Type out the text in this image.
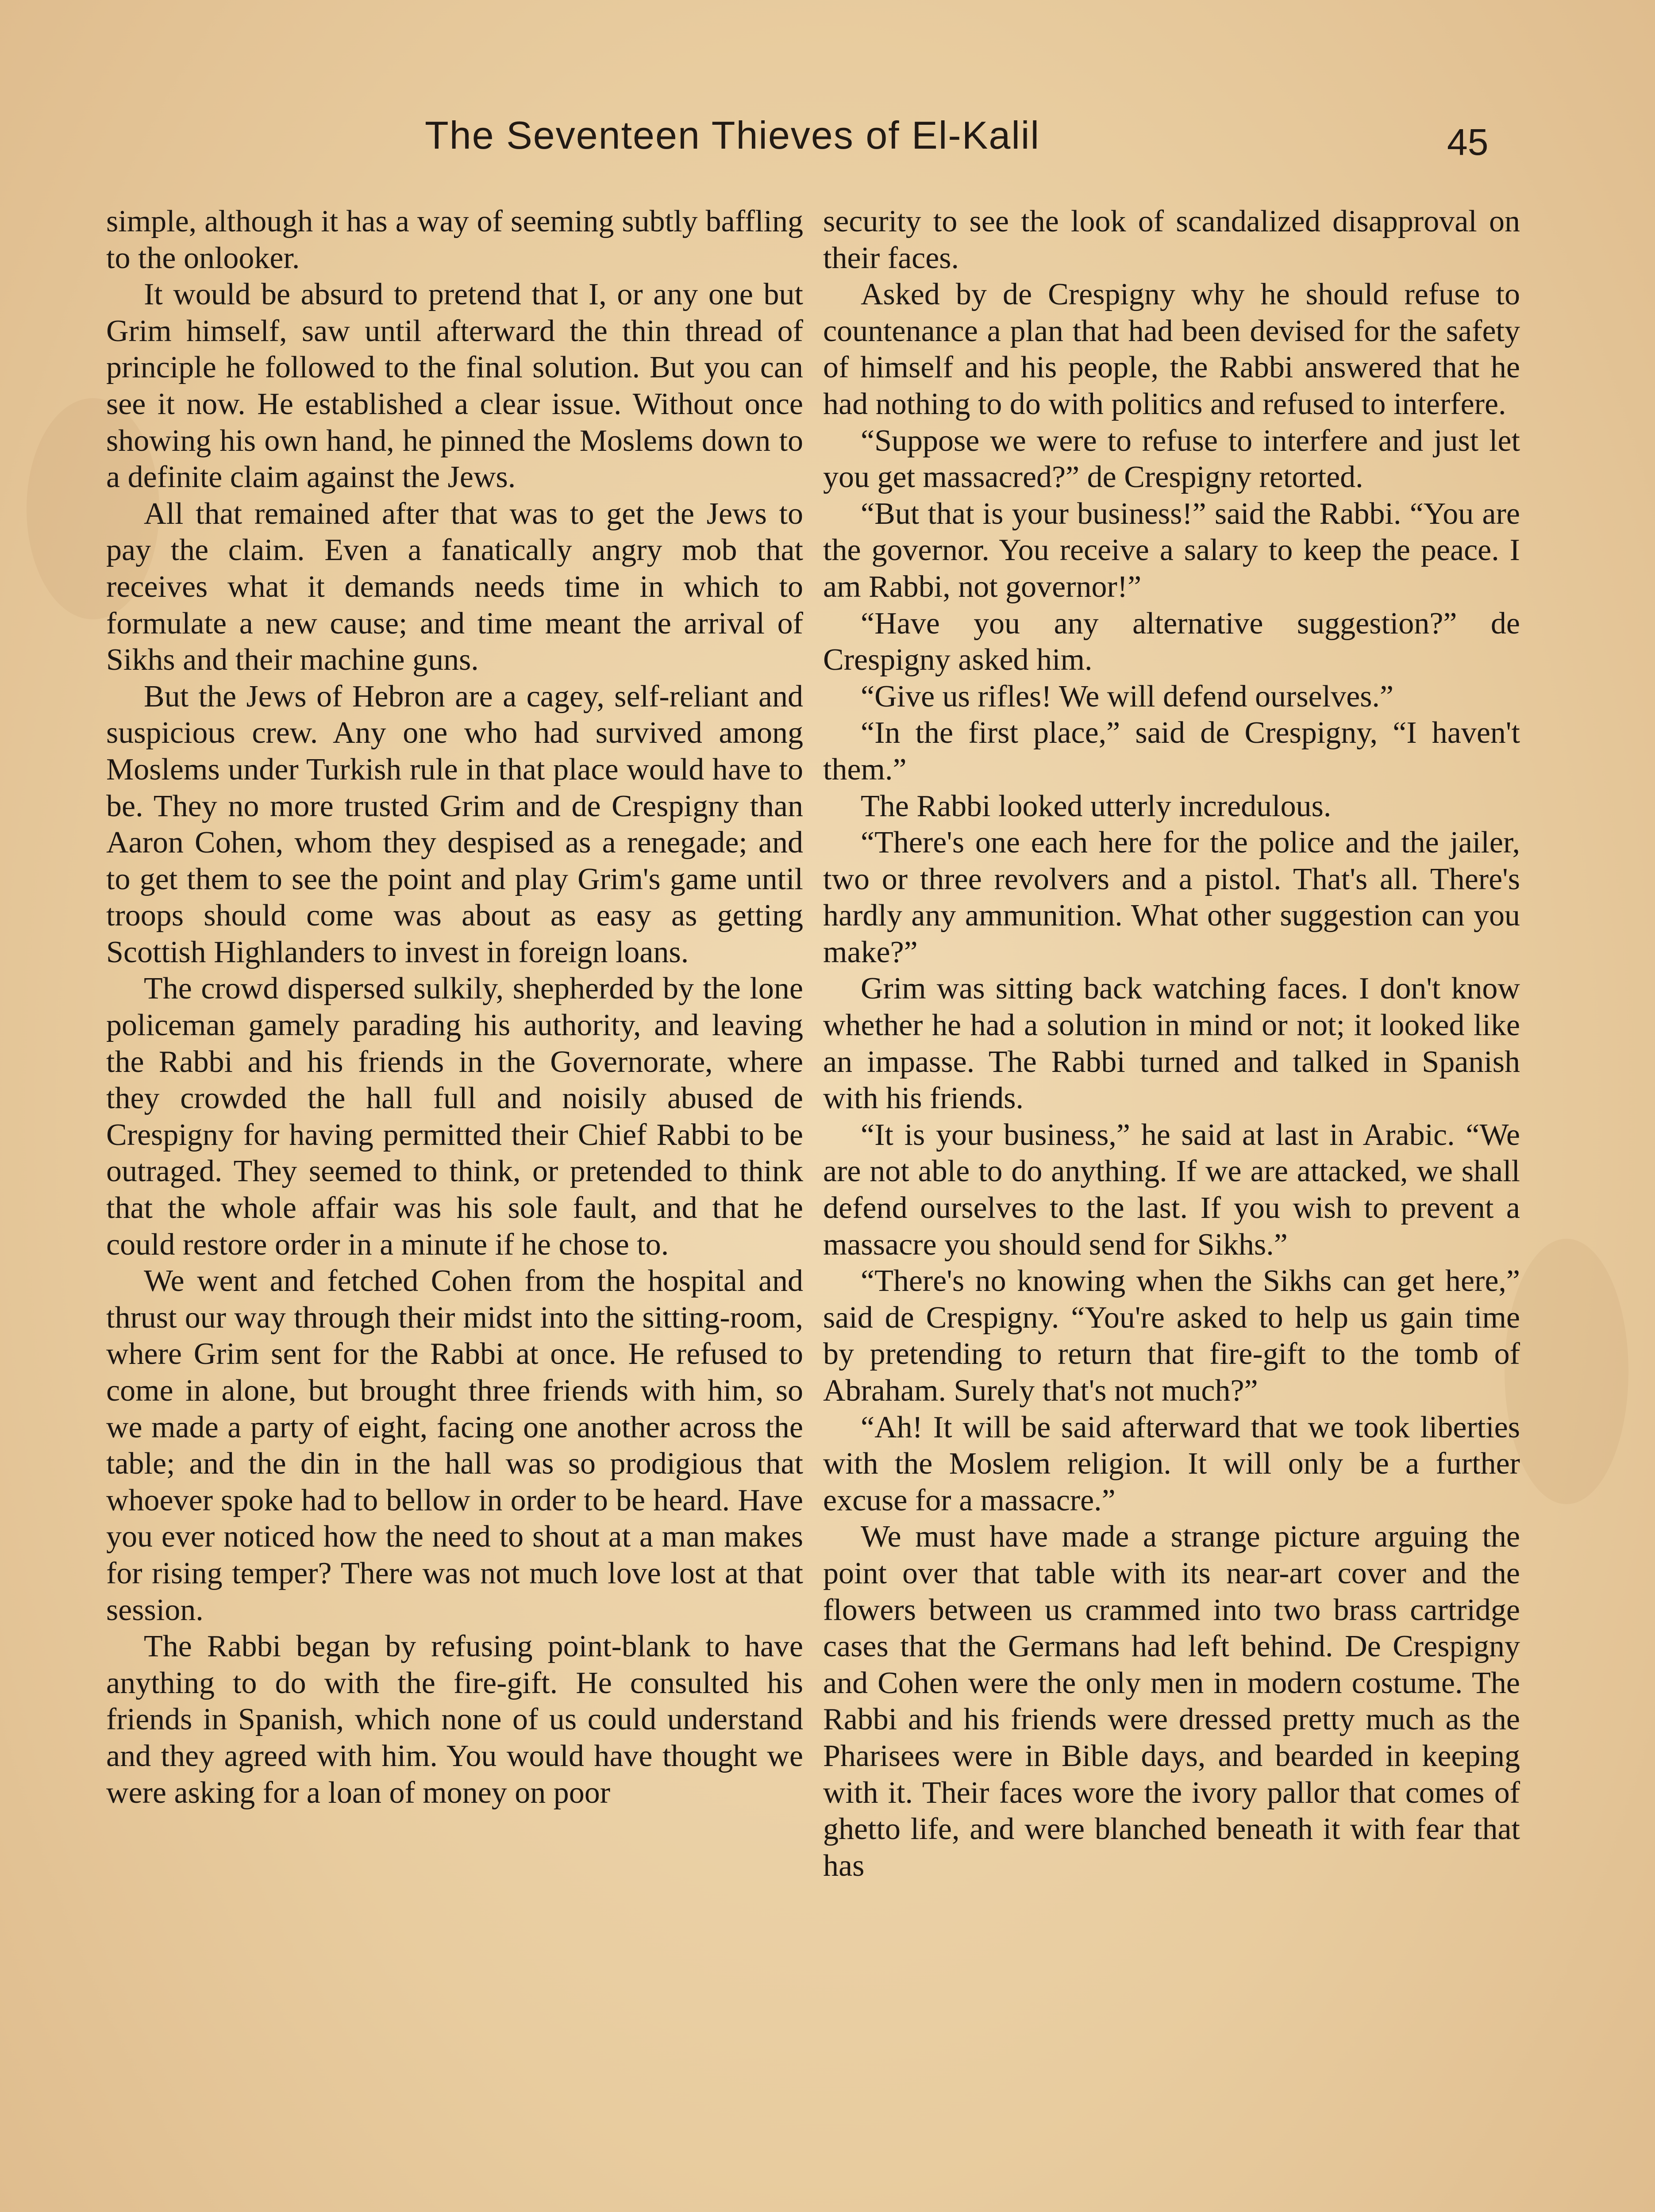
The Seventeen Thieves of El-Kalil	45

simple, although it has a way of seeming subtly baffling to the onlooker.

It would be absurd to pretend that I, or any one but Grim himself, saw until afterward the thin thread of principle he followed to the final solution. But you can see it now. He established a clear issue. Without once showing his own hand, he pinned the Moslems down to a definite claim against the Jews.

All that remained after that was to get the Jews to pay the claim. Even a fanatically angry mob that receives what it demands needs time in which to formulate a new cause; and time meant the arrival of Sikhs and their machine guns.

But the Jews of Hebron are a cagey, self-reliant and suspicious crew. Any one who had survived among Moslems under Turkish rule in that place would have to be. They no more trusted Grim and de Crespigny than Aaron Cohen, whom they despised as a renegade; and to get them to see the point and play Grim's game until troops should come was about as easy as getting Scottish Highlanders to invest in foreign loans.

The crowd dispersed sulkily, shepherded by the lone policeman gamely parading his authority, and leaving the Rabbi and his friends in the Governorate, where they crowded the hall full and noisily abused de Crespigny for having permitted their Chief Rabbi to be outraged. They seemed to think, or pretended to think that the whole affair was his sole fault, and that he could restore order in a minute if he chose to.

We went and fetched Cohen from the hospital and thrust our way through their midst into the sitting-room, where Grim sent for the Rabbi at once. He refused to come in alone, but brought three friends with him, so we made a party of eight, facing one another across the table; and the din in the hall was so prodigious that whoever spoke had to bellow in order to be heard. Have you ever noticed how the need to shout at a man makes for rising temper? There was not much love lost at that session.

The Rabbi began by refusing point-blank to have anything to do with the fire-gift. He consulted his friends in Spanish, which none of us could understand and they agreed with him. You would have thought we were asking for a loan of money on poor

security to see the look of scandalized disapproval on their faces.

Asked by de Crespigny why he should refuse to countenance a plan that had been devised for the safety of himself and his people, the Rabbi answered that he had nothing to do with politics and refused to interfere.

“Suppose we were to refuse to interfere and just let you get massacred?” de Crespigny retorted.

“But that is your business!” said the Rabbi. “You are the governor. You receive a salary to keep the peace. I am Rabbi, not governor!”

“Have you any alternative suggestion?” de Crespigny asked him.

“Give us rifles! We will defend ourselves.”

“In the first place,” said de Crespigny, “I haven't them.”

The Rabbi looked utterly incredulous.

“There's one each here for the police and the jailer, two or three revolvers and a pistol. That's all. There's hardly any ammunition. What other suggestion can you make?”

Grim was sitting back watching faces. I don't know whether he had a solution in mind or not; it looked like an impasse. The Rabbi turned and talked in Spanish with his friends.

“It is your business,” he said at last in Arabic. “We are not able to do anything. If we are attacked, we shall defend ourselves to the last. If you wish to prevent a massacre you should send for Sikhs.”

“There's no knowing when the Sikhs can get here,” said de Crespigny. “You're asked to help us gain time by pretending to return that fire-gift to the tomb of Abraham. Surely that's not much?”

“Ah! It will be said afterward that we took liberties with the Moslem religion. It will only be a further excuse for a massacre.”

We must have made a strange picture arguing the point over that table with its near-art cover and the flowers between us crammed into two brass cartridge cases that the Germans had left behind. De Crespigny and Cohen were the only men in modern costume. The Rabbi and his friends were dressed pretty much as the Pharisees were in Bible days, and bearded in keeping with it. Their faces wore the ivory pallor that comes of ghetto life, and were blanched beneath it with fear that has
